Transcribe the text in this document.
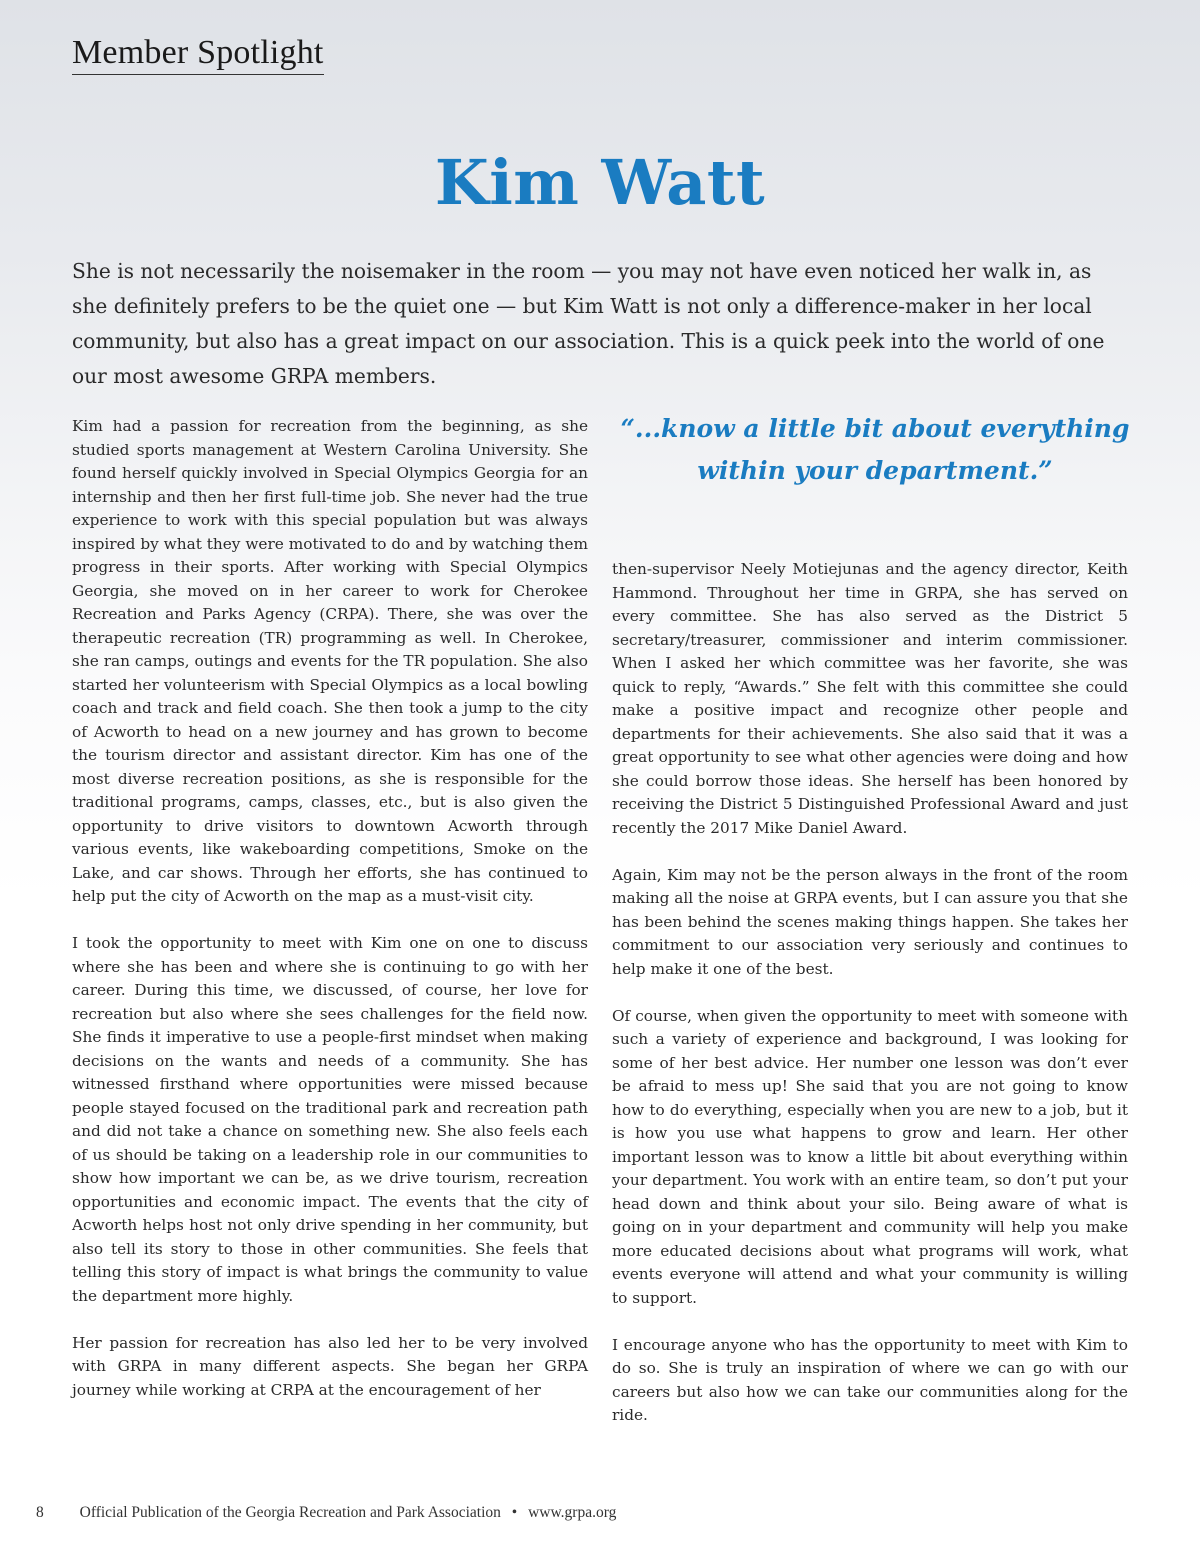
Member Spotlight
Kim Watt

She is not necessarily the noisemaker in the room — you may not have even noticed her walk in, as she definitely prefers to be the quiet one — but Kim Watt is not only a difference-maker in her local community, but also has a great impact on our association. This is a quick peek into the world of one our most awesome GRPA members.

Kim had a passion for recreation from the beginning, as she studied sports management at Western Carolina University. She found herself quickly involved in Special Olympics Georgia for an internship and then her first full-time job. She never had the true experience to work with this special population but was always inspired by what they were motivated to do and by watching them progress in their sports. After working with Special Olympics Georgia, she moved on in her career to work for Cherokee Recreation and Parks Agency (CRPA). There, she was over the therapeutic recreation (TR) programming as well. In Cherokee, she ran camps, outings and events for the TR population. She also started her volunteerism with Special Olympics as a local bowling coach and track and field coach. She then took a jump to the city of Acworth to head on a new journey and has grown to become the tourism director and assistant director. Kim has one of the most diverse recreation positions, as she is responsible for the traditional programs, camps, classes, etc., but is also given the opportunity to drive visitors to downtown Acworth through various events, like wakeboarding competitions, Smoke on the Lake, and car shows. Through her efforts, she has continued to help put the city of Acworth on the map as a must-visit city.

I took the opportunity to meet with Kim one on one to discuss where she has been and where she is continuing to go with her career. During this time, we discussed, of course, her love for recreation but also where she sees challenges for the field now. She finds it imperative to use a people-first mindset when making decisions on the wants and needs of a community. She has witnessed firsthand where opportunities were missed because people stayed focused on the traditional park and recreation path and did not take a chance on something new. She also feels each of us should be taking on a leadership role in our communities to show how important we can be, as we drive tourism, recreation opportunities and economic impact. The events that the city of Acworth helps host not only drive spending in her community, but also tell its story to those in other communities. She feels that telling this story of impact is what brings the community to value the department more highly.

Her passion for recreation has also led her to be very involved with GRPA in many different aspects. She began her GRPA journey while working at CRPA at the encouragement of her

“...know a little bit about everything within your department.”

then-supervisor Neely Motiejunas and the agency director, Keith Hammond. Throughout her time in GRPA, she has served on every committee. She has also served as the District 5 secretary/treasurer, commissioner and interim commissioner. When I asked her which committee was her favorite, she was quick to reply, “Awards.” She felt with this committee she could make a positive impact and recognize other people and departments for their achievements. She also said that it was a great opportunity to see what other agencies were doing and how she could borrow those ideas. She herself has been honored by receiving the District 5 Distinguished Professional Award and just recently the 2017 Mike Daniel Award.

Again, Kim may not be the person always in the front of the room making all the noise at GRPA events, but I can assure you that she has been behind the scenes making things happen. She takes her commitment to our association very seriously and continues to help make it one of the best.

Of course, when given the opportunity to meet with someone with such a variety of experience and background, I was looking for some of her best advice. Her number one lesson was don’t ever be afraid to mess up! She said that you are not going to know how to do everything, especially when you are new to a job, but it is how you use what happens to grow and learn. Her other important lesson was to know a little bit about everything within your department. You work with an entire team, so don’t put your head down and think about your silo. Being aware of what is going on in your department and community will help you make more educated decisions about what programs will work, what events everyone will attend and what your community is willing to support.

I encourage anyone who has the opportunity to meet with Kim to do so. She is truly an inspiration of where we can go with our careers but also how we can take our communities along for the ride.

8 Official Publication of the Georgia Recreation and Park Association • www.grpa.org
